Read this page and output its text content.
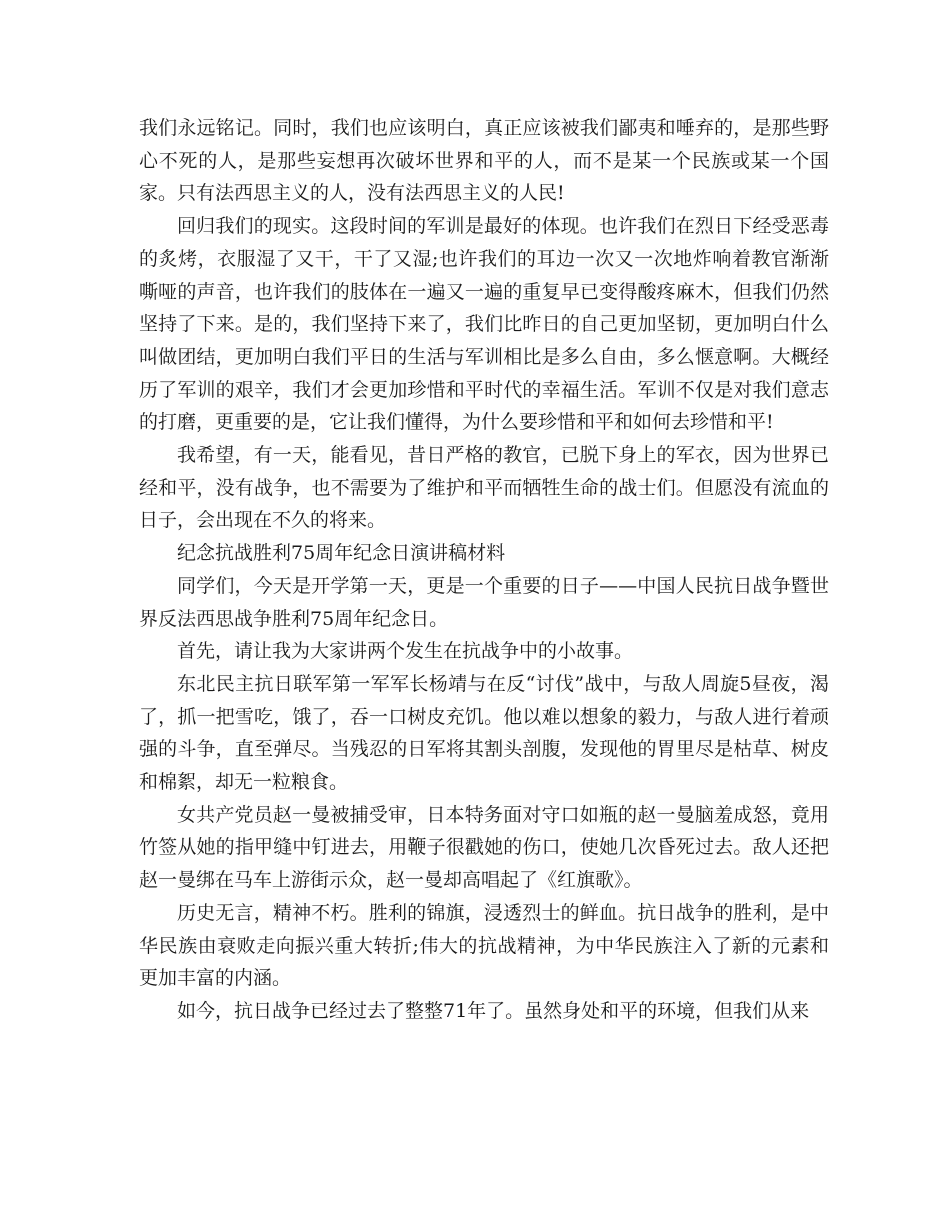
我们永远铭记。同时，我们也应该明白，真正应该被我们鄙夷和唾弃的，是那些野心不死的人，是那些妄想再次破坏世界和平的人，而不是某一个民族或某一个国家。只有法西思主义的人，没有法西思主义的人民!

回归我们的现实。这段时间的军训是最好的体现。也许我们在烈日下经受恶毒的炙烤，衣服湿了又干，干了又湿;也许我们的耳边一次又一次地炸响着教官渐渐嘶哑的声音，也许我们的肢体在一遍又一遍的重复早已变得酸疼麻木，但我们仍然坚持了下来。是的，我们坚持下来了，我们比昨日的自己更加坚韧，更加明白什么叫做团结，更加明白我们平日的生活与军训相比是多么自由，多么惬意啊。大概经历了军训的艰辛，我们才会更加珍惜和平时代的幸福生活。军训不仅是对我们意志的打磨，更重要的是，它让我们懂得，为什么要珍惜和平和如何去珍惜和平!

我希望，有一天，能看见，昔日严格的教官，已脱下身上的军衣，因为世界已经和平，没有战争，也不需要为了维护和平而牺牲生命的战士们。但愿没有流血的日子，会出现在不久的将来。

纪念抗战胜利75周年纪念日演讲稿材料

同学们，今天是开学第一天，更是一个重要的日子——中国人民抗日战争暨世界反法西思战争胜利75周年纪念日。

首先，请让我为大家讲两个发生在抗战争中的小故事。

东北民主抗日联军第一军军长杨靖与在反“讨伐”战中，与敌人周旋5昼夜，渴了，抓一把雪吃，饿了，吞一口树皮充饥。他以难以想象的毅力，与敌人进行着顽强的斗争，直至弹尽。当残忍的日军将其割头剖腹，发现他的胃里尽是枯草、树皮和棉絮，却无一粒粮食。

女共产党员赵一曼被捕受审，日本特务面对守口如瓶的赵一曼脑羞成怒，竟用竹签从她的指甲缝中钉进去，用鞭子很戳她的伤口，使她几次昏死过去。敌人还把赵一曼绑在马车上游街示众，赵一曼却高唱起了《红旗歌》。

历史无言，精神不朽。胜利的锦旗，浸透烈士的鲜血。抗日战争的胜利，是中华民族由衰败走向振兴重大转折;伟大的抗战精神，为中华民族注入了新的元素和更加丰富的内涵。

如今，抗日战争已经过去了整整71年了。虽然身处和平的环境，但我们从来
